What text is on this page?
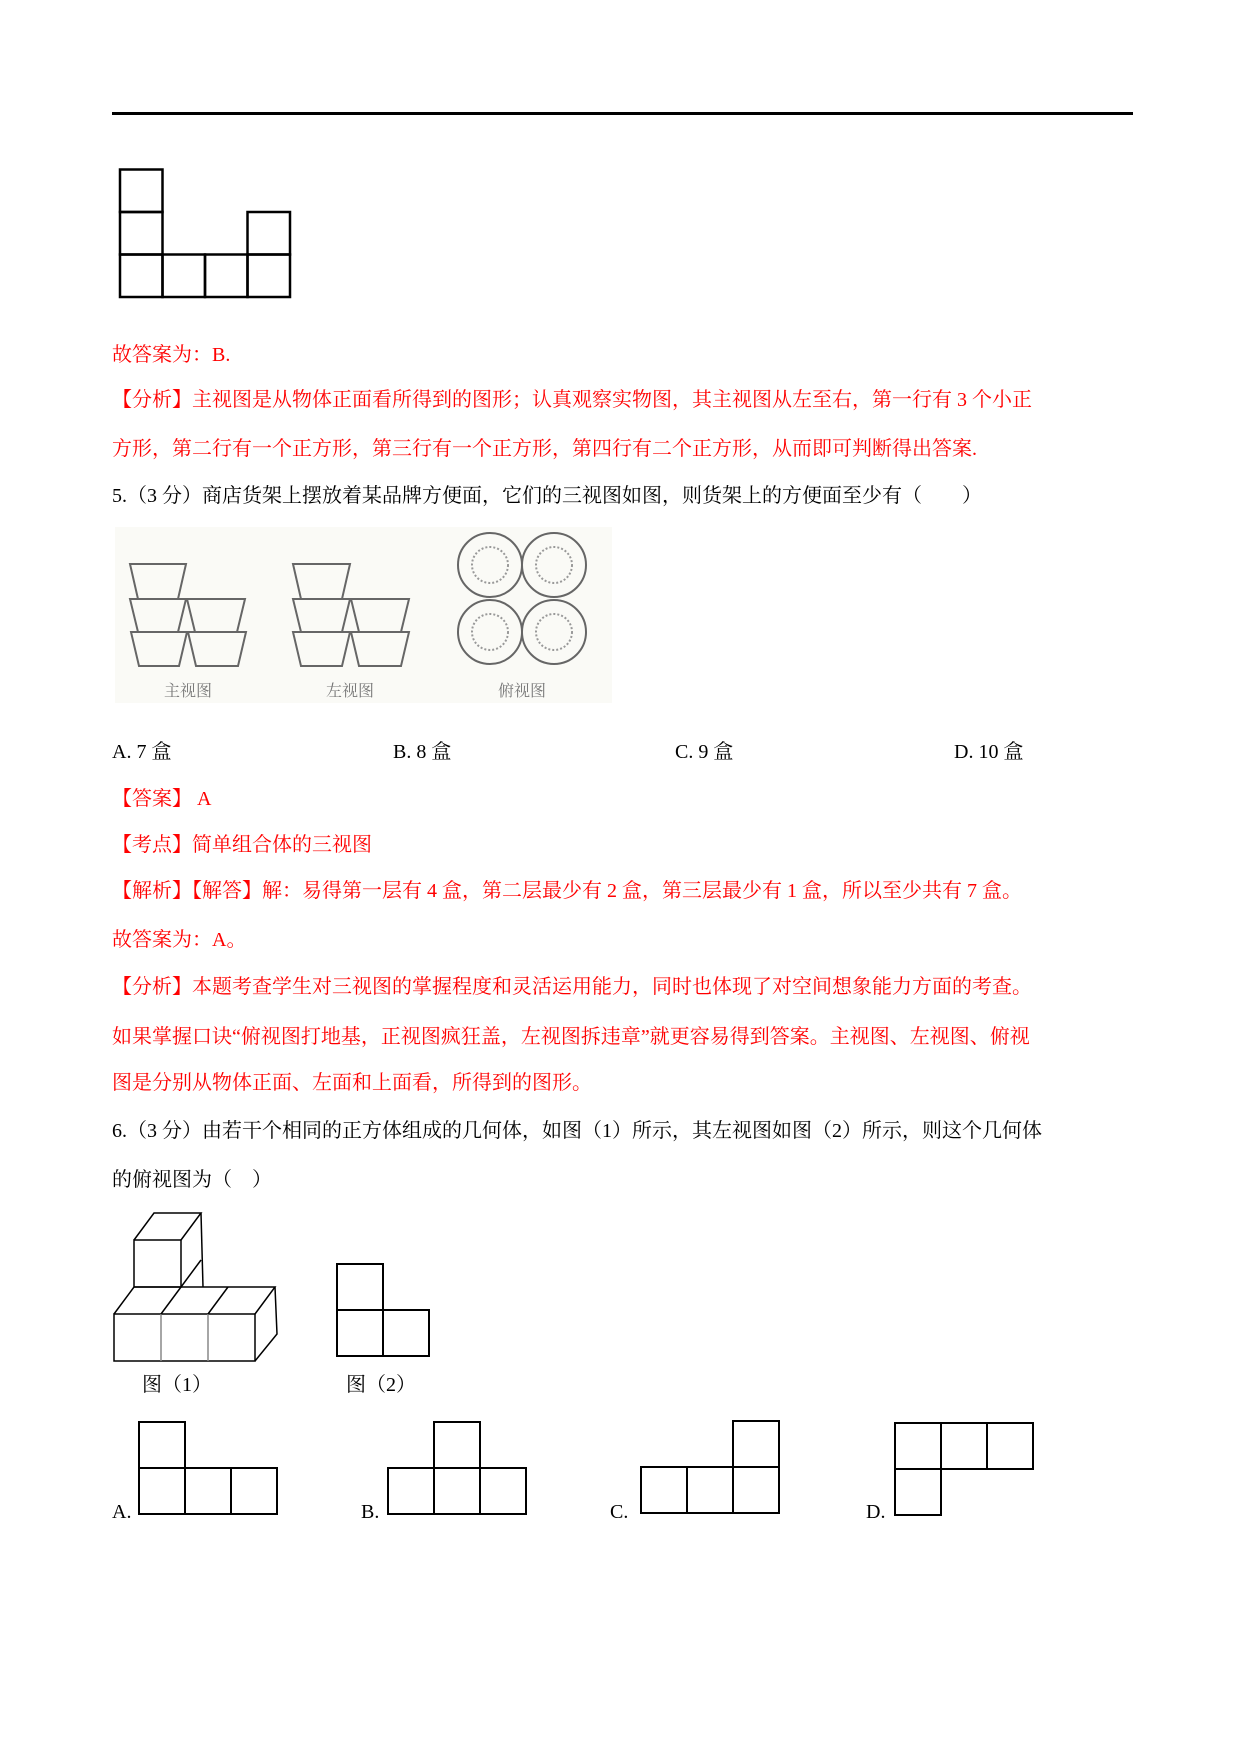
故答案为：B.
【分析】主视图是从物体正面看所得到的图形；认真观察实物图，其主视图从左至右，第一行有 3 个小正
方形，第二行有一个正方形，第三行有一个正方形，第四行有二个正方形，从而即可判断得出答案.
5.（3 分）商店货架上摆放着某品牌方便面，它们的三视图如图，则货架上的方便面至少有（　　）
主视图	左视图	俯视图
A. 7 盒	B. 8 盒	C. 9 盒	D. 10 盒
【答案】 A
【考点】简单组合体的三视图
【解析】【解答】解：易得第一层有 4 盒，第二层最少有 2 盒，第三层最少有 1 盒，所以至少共有 7 盒。
故答案为：A。
【分析】本题考查学生对三视图的掌握程度和灵活运用能力，同时也体现了对空间想象能力方面的考查。
如果掌握口诀“俯视图打地基，正视图疯狂盖，左视图拆违章”就更容易得到答案。主视图、左视图、俯视
图是分别从物体正面、左面和上面看，所得到的图形。
6.（3 分）由若干个相同的正方体组成的几何体，如图（1）所示，其左视图如图（2）所示，则这个几何体
的俯视图为（　）
图（1）	图（2）
A.	B.	C.	D.
